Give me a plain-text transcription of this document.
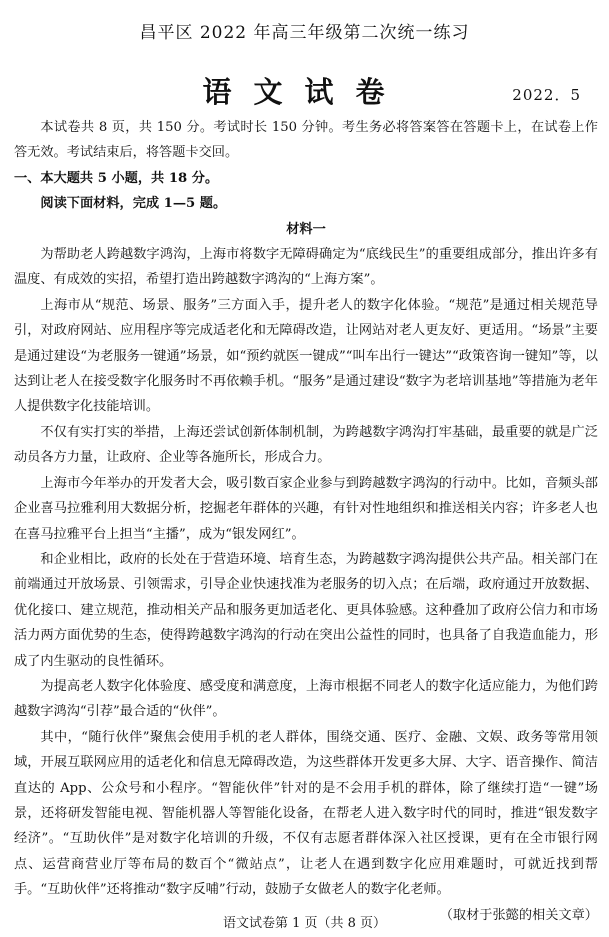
昌平区 2022 年高三年级第二次统一练习
语文试卷	2022．5

本试卷共 8 页，共 150 分。考试时长 150 分钟。考生务必将答案答在答题卡上，在试卷上作答无效。考试结束后，将答题卡交回。

一、本大题共 5 小题，共 18 分。

阅读下面材料，完成 1—5 题。

材料一

为帮助老人跨越数字鸿沟，上海市将数字无障碍确定为“底线民生”的重要组成部分，推出许多有温度、有成效的实招，希望打造出跨越数字鸿沟的“上海方案”。

上海市从“规范、场景、服务”三方面入手，提升老人的数字化体验。“规范”是通过相关规范导引，对政府网站、应用程序等完成适老化和无障碍改造，让网站对老人更友好、更适用。“场景”主要是通过建设“为老服务一键通”场景，如“预约就医一键成”“叫车出行一键达”“政策咨询一键知”等，以达到让老人在接受数字化服务时不再依赖手机。“服务”是通过建设“数字为老培训基地”等措施为老年人提供数字化技能培训。

不仅有实打实的举措，上海还尝试创新体制机制，为跨越数字鸿沟打牢基础，最重要的就是广泛动员各方力量，让政府、企业等各施所长，形成合力。

上海市今年举办的开发者大会，吸引数百家企业参与到跨越数字鸿沟的行动中。比如，音频头部企业喜马拉雅利用大数据分析，挖掘老年群体的兴趣，有针对性地组织和推送相关内容；许多老人也在喜马拉雅平台上担当“主播”，成为“银发网红”。

和企业相比，政府的长处在于营造环境、培育生态，为跨越数字鸿沟提供公共产品。相关部门在前端通过开放场景、引领需求，引导企业快速找准为老服务的切入点；在后端，政府通过开放数据、优化接口、建立规范，推动相关产品和服务更加适老化、更具体验感。这种叠加了政府公信力和市场活力两方面优势的生态，使得跨越数字鸿沟的行动在突出公益性的同时，也具备了自我造血能力，形成了内生驱动的良性循环。

为提高老人数字化体验度、感受度和满意度，上海市根据不同老人的数字化适应能力，为他们跨越数字鸿沟“引荐”最合适的“伙伴”。

其中，“随行伙伴”聚焦会使用手机的老人群体，围绕交通、医疗、金融、文娱、政务等常用领域，开展互联网应用的适老化和信息无障碍改造，为这些群体开发更多大屏、大字、语音操作、简洁直达的 App、公众号和小程序。“智能伙伴”针对的是不会用手机的群体，除了继续打造“一键”场景，还将研发智能电视、智能机器人等智能化设备，在帮老人进入数字时代的同时，推进“银发数字经济”。“互助伙伴”是对数字化培训的升级，不仅有志愿者群体深入社区授课，更有在全市银行网点、运营商营业厅等布局的数百个“微站点”，让老人在遇到数字化应用难题时，可就近找到帮手。“互助伙伴”还将推动“数字反哺”行动，鼓励子女做老人的数字化老师。

（取材于张懿的相关文章）

语文试卷第 1 页（共 8 页）
